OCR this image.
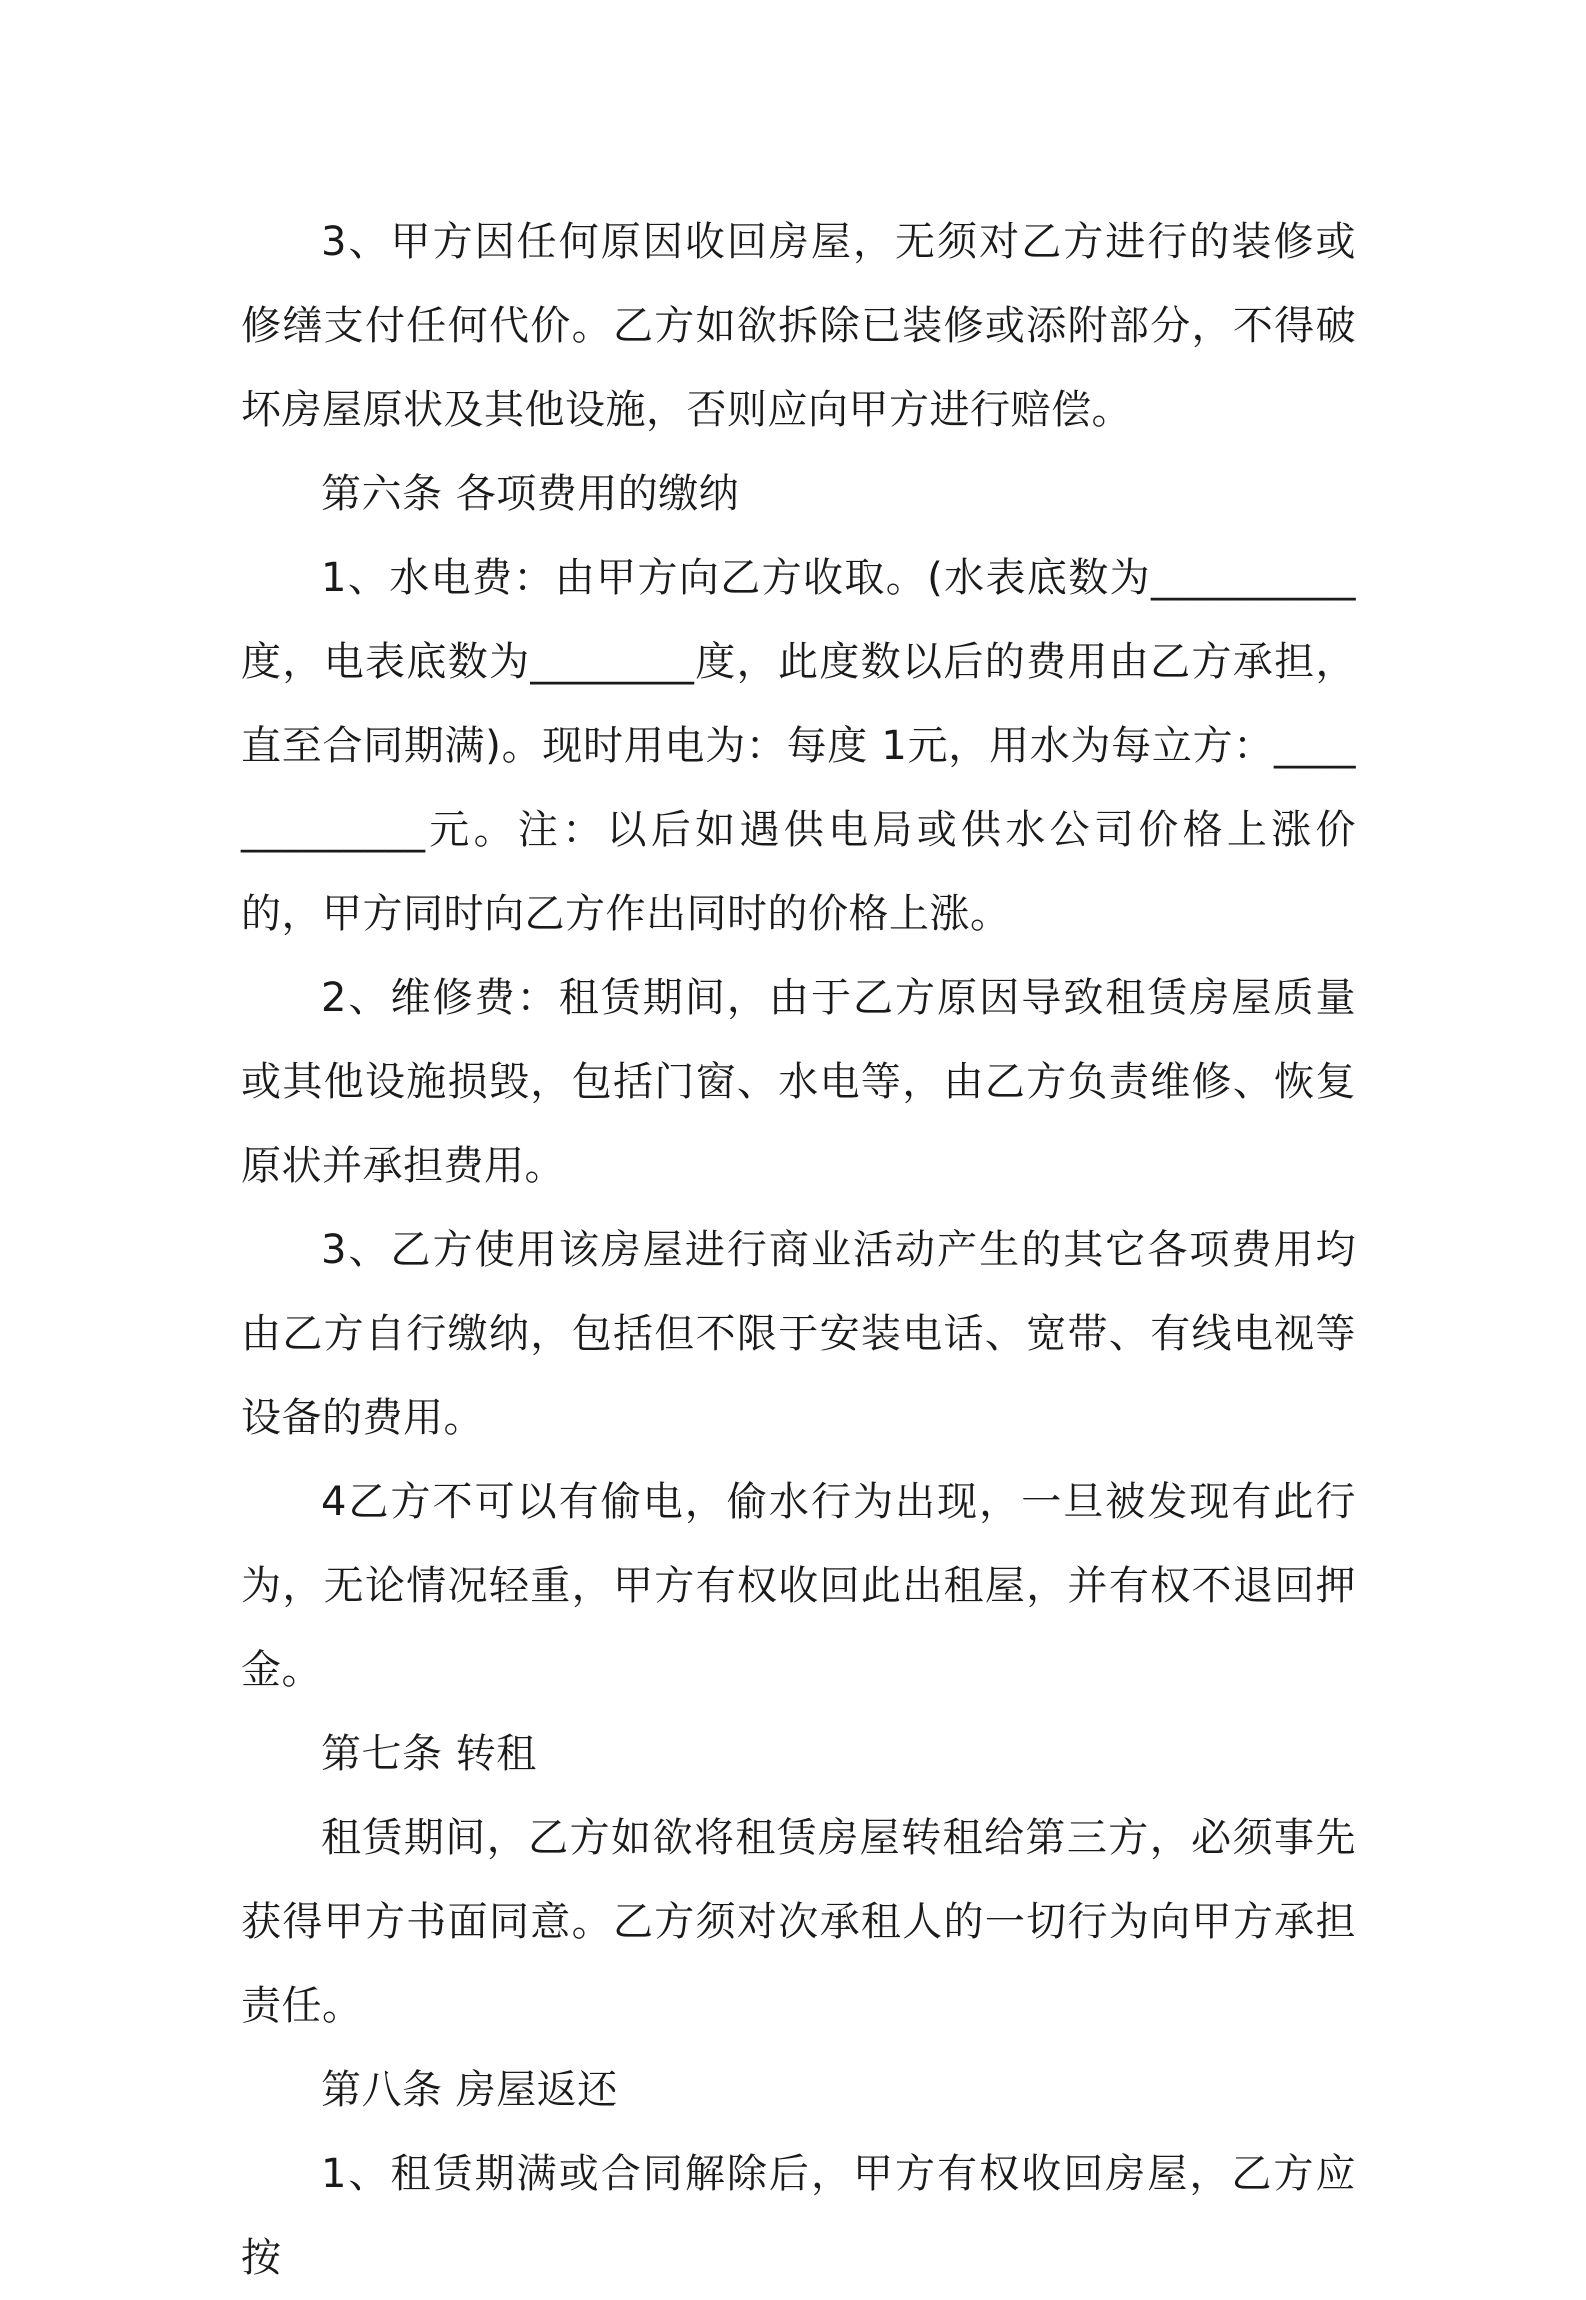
3、甲方因任何原因收回房屋，无须对乙方进行的装修或修缮支付任何代价。乙方如欲拆除已装修或添附部分，不得破坏房屋原状及其他设施，否则应向甲方进行赔偿。

第六条 各项费用的缴纳

1、水电费：由甲方向乙方收取。(水表底数为__________度，电表底数为________度，此度数以后的费用由乙方承担，直至合同期满)。现时用电为：每度 1元，用水为每立方：_____________元。注：以后如遇供电局或供水公司价格上涨价的，甲方同时向乙方作出同时的价格上涨。

2、维修费：租赁期间，由于乙方原因导致租赁房屋质量或其他设施损毁，包括门窗、水电等，由乙方负责维修、恢复原状并承担费用。

3、乙方使用该房屋进行商业活动产生的其它各项费用均由乙方自行缴纳，包括但不限于安装电话、宽带、有线电视等设备的费用。

4乙方不可以有偷电，偷水行为出现，一旦被发现有此行为，无论情况轻重，甲方有权收回此出租屋，并有权不退回押金。

第七条 转租

租赁期间，乙方如欲将租赁房屋转租给第三方，必须事先获得甲方书面同意。乙方须对次承租人的一切行为向甲方承担责任。

第八条 房屋返还

1、租赁期满或合同解除后，甲方有权收回房屋，乙方应按
